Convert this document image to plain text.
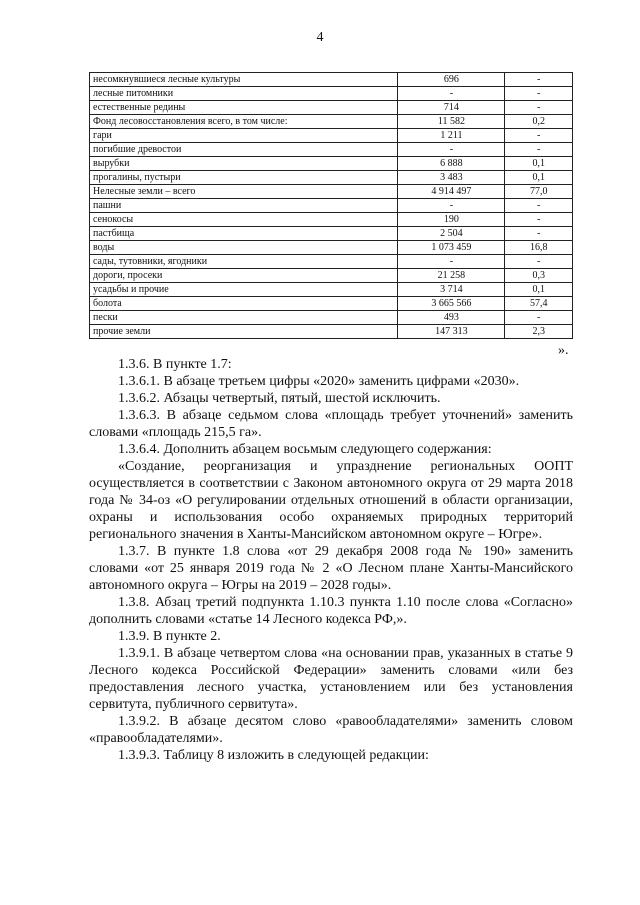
4
несомкнувшиеся лесные культуры	696	-
лесные питомники	-	-
естественные редины	714	-
Фонд лесовосстановления всего, в том числе:	11 582	0,2
гари	1 211	-
погибшие древостои	-	-
вырубки	6 888	0,1
прогалины, пустыри	3 483	0,1
Нелесные земли – всего	4 914 497	77,0
пашни	-	-
сенокосы	190	-
пастбища	2 504	-
воды	1 073 459	16,8
сады, тутовники, ягодники	-	-
дороги, просеки	21 258	0,3
усадьбы и прочие	3 714	0,1
болота	3 665 566	57,4
пески	493	-
прочие земли	147 313	2,3
».

1.3.6. В пункте 1.7:

1.3.6.1. В абзаце третьем цифры «2020» заменить цифрами «2030».

1.3.6.2. Абзацы четвертый, пятый, шестой исключить.

1.3.6.3. В абзаце седьмом слова «площадь требует уточнений» заменить словами «площадь 215,5 га».

1.3.6.4. Дополнить абзацем восьмым следующего содержания:

«Создание, реорганизация и упразднение региональных ООПТ осуществляется в соответствии с Законом автономного округа от 29 марта 2018 года № 34-оз «О регулировании отдельных отношений в области организации, охраны и использования особо охраняемых природных территорий регионального значения в Ханты-Мансийском автономном округе – Югре».

1.3.7. В пункте 1.8 слова «от 29 декабря 2008 года № 190» заменить словами «от 25 января 2019 года № 2 «О Лесном плане Ханты-Мансийского автономного округа – Югры на 2019 – 2028 годы».

1.3.8. Абзац третий подпункта 1.10.3 пункта 1.10 после слова «Согласно» дополнить словами «статье 14 Лесного кодекса РФ,».

1.3.9. В пункте 2.

1.3.9.1. В абзаце четвертом слова «на основании прав, указанных в статье 9 Лесного кодекса Российской Федерации» заменить словами «или без предоставления лесного участка, установлением или без установления сервитута, публичного сервитута».

1.3.9.2. В абзаце десятом слово «равообладателями» заменить словом «правообладателями».

1.3.9.3. Таблицу 8 изложить в следующей редакции:
